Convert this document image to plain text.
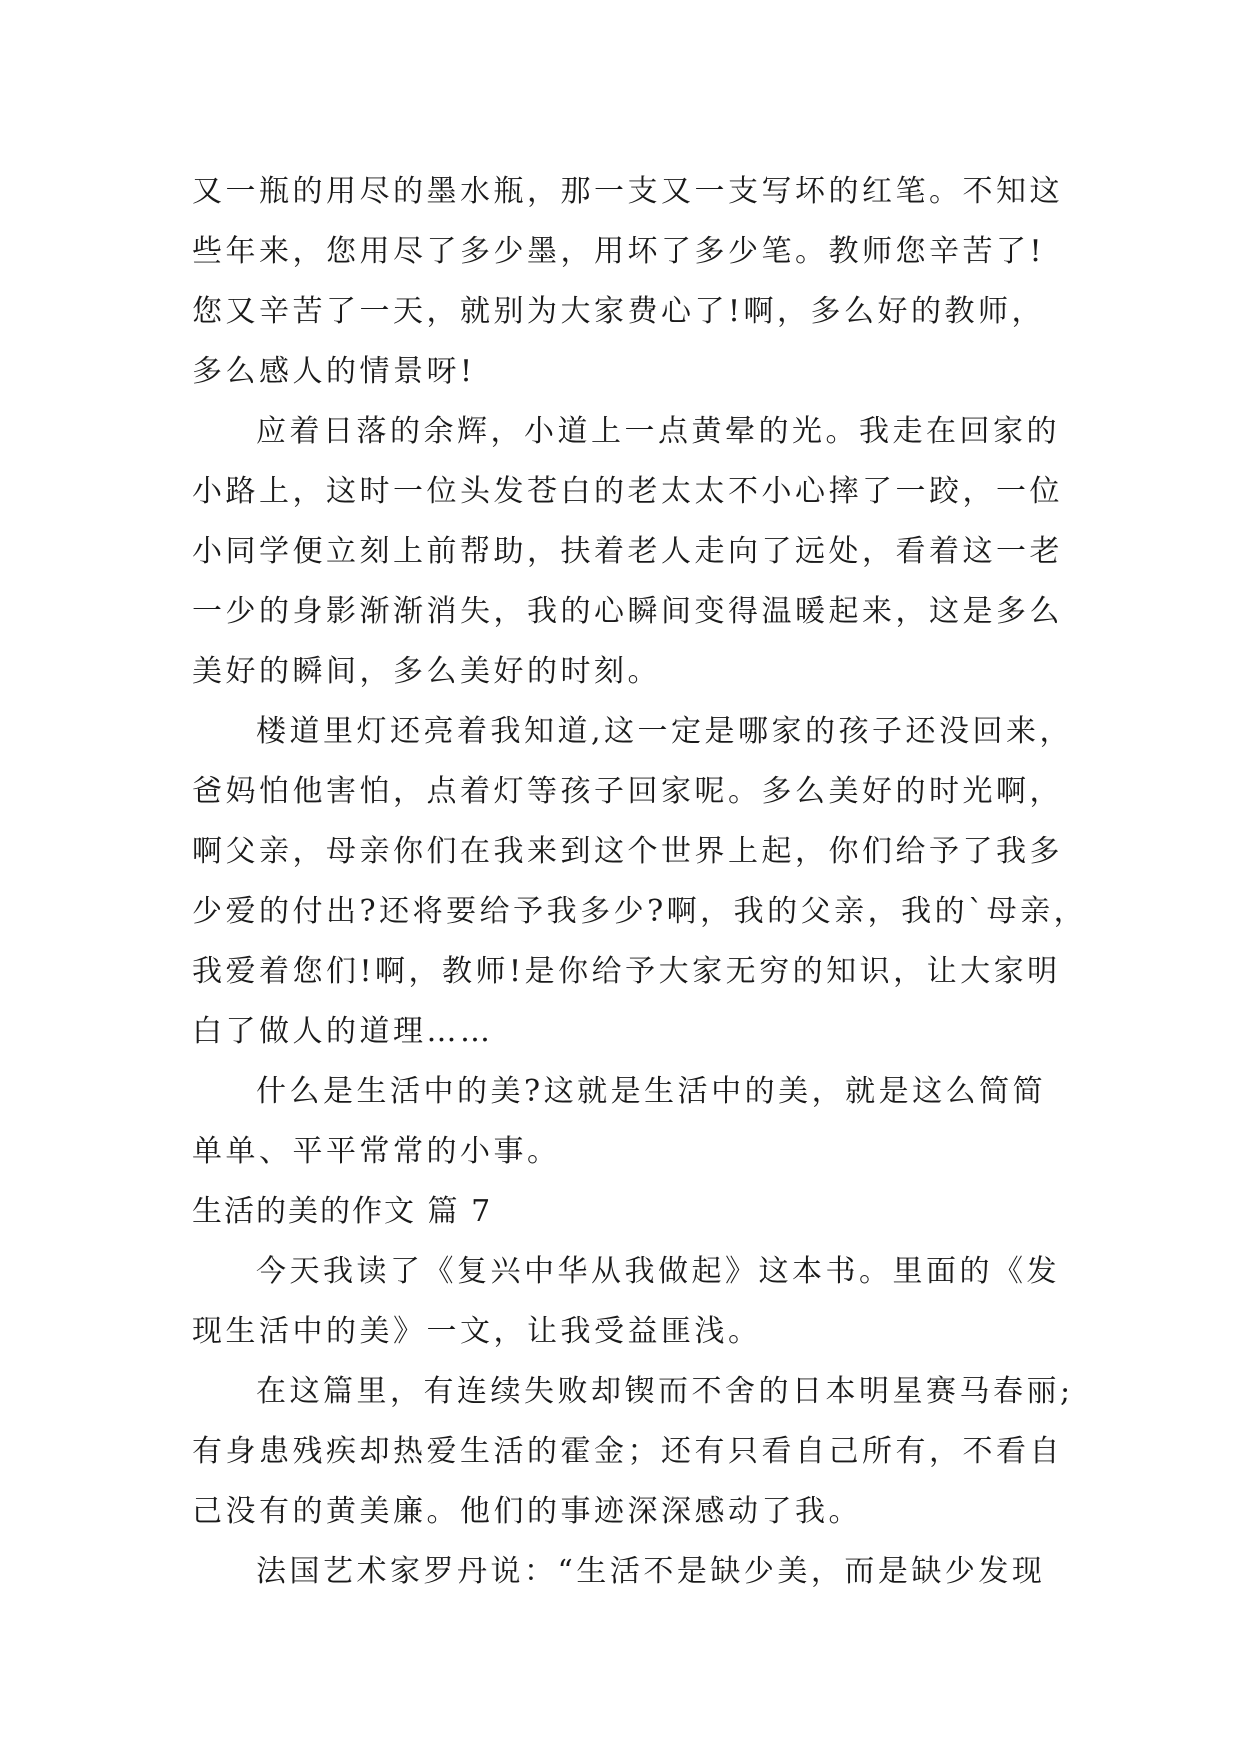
又一瓶的用尽的墨水瓶，那一支又一支写坏的红笔。不知这
些年来，您用尽了多少墨，用坏了多少笔。教师您辛苦了!
您又辛苦了一天，就别为大家费心了!啊，多么好的教师，
多么感人的情景呀!
应着日落的余辉，小道上一点黄晕的光。我走在回家的
小路上，这时一位头发苍白的老太太不小心摔了一跤，一位
小同学便立刻上前帮助，扶着老人走向了远处，看着这一老
一少的身影渐渐消失，我的心瞬间变得温暖起来，这是多么
美好的瞬间，多么美好的时刻。
楼道里灯还亮着我知道,这一定是哪家的孩子还没回来，
爸妈怕他害怕，点着灯等孩子回家呢。多么美好的时光啊，
啊父亲，母亲你们在我来到这个世界上起，你们给予了我多
少爱的付出?还将要给予我多少?啊，我的父亲，我的`母亲，
我爱着您们!啊，教师!是你给予大家无穷的知识，让大家明
白了做人的道理……
什么是生活中的美?这就是生活中的美，就是这么简简
单单、平平常常的小事。
生活的美的作文 篇 7
今天我读了《复兴中华从我做起》这本书。里面的《发
现生活中的美》一文，让我受益匪浅。
在这篇里，有连续失败却锲而不舍的日本明星赛马春丽;
有身患残疾却热爱生活的霍金；还有只看自己所有，不看自
己没有的黄美廉。他们的事迹深深感动了我。
法国艺术家罗丹说：“生活不是缺少美，而是缺少发现
